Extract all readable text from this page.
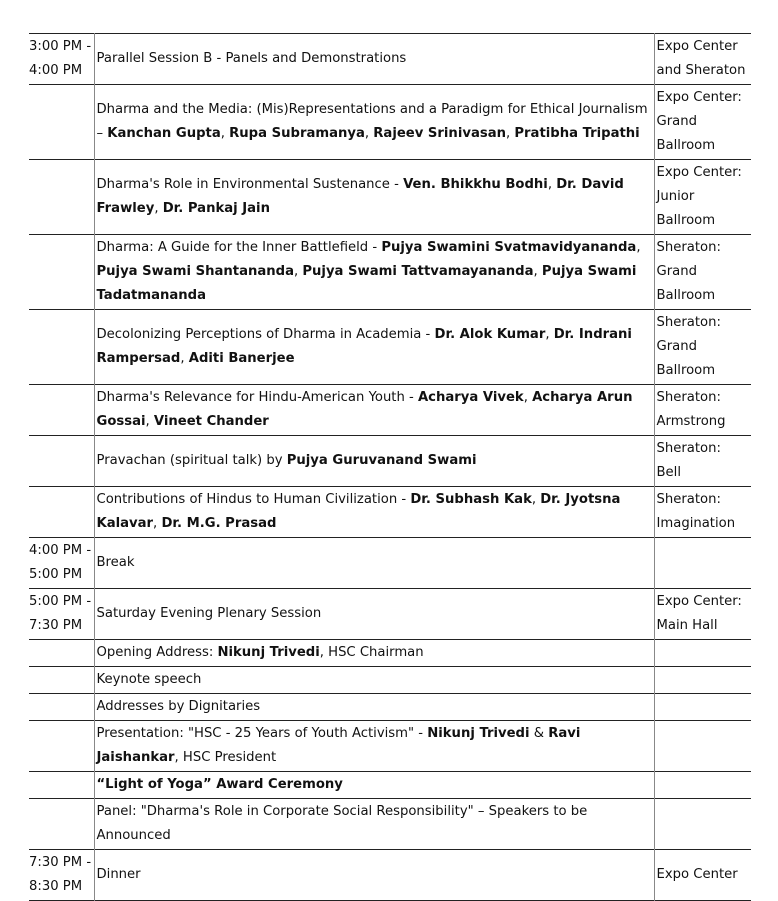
3:00 PM -
4:00 PM	Parallel Session B - Panels and Demonstrations	Expo Center
and Sheraton
	Dharma and the Media: (Mis)Representations and a Paradigm for Ethical Journalism – Kanchan Gupta, Rupa Subramanya, Rajeev Srinivasan, Pratibha Tripathi	Expo Center:
Grand Ballroom
	Dharma's Role in Environmental Sustenance - Ven. Bhikkhu Bodhi, Dr. David Frawley, Dr. Pankaj Jain	Expo Center:
Junior Ballroom
	Dharma: A Guide for the Inner Battlefield - Pujya Swamini Svatmavidyananda, Pujya Swami Shantananda, Pujya Swami Tattvamayananda, Pujya Swami Tadatmananda	Sheraton:
Grand Ballroom
	Decolonizing Perceptions of Dharma in Academia - Dr. Alok Kumar, Dr. Indrani Rampersad, Aditi Banerjee	Sheraton:
Grand Ballroom
	Dharma's Relevance for Hindu-American Youth - Acharya Vivek, Acharya Arun Gossai, Vineet Chander	Sheraton:
Armstrong
	Pravachan (spiritual talk) by Pujya Guruvanand Swami	Sheraton: Bell
	Contributions of Hindus to Human Civilization - Dr. Subhash Kak, Dr. Jyotsna Kalavar, Dr. M.G. Prasad	Sheraton:
Imagination
4:00 PM -
5:00 PM	Break	
5:00 PM -
7:30 PM	Saturday Evening Plenary Session	Expo Center:
Main Hall
	Opening Address: Nikunj Trivedi, HSC Chairman	
	Keynote speech	
	Addresses by Dignitaries	
	Presentation: "HSC - 25 Years of Youth Activism" - Nikunj Trivedi & Ravi Jaishankar, HSC President	
	“Light of Yoga” Award Ceremony	
	Panel: "Dharma's Role in Corporate Social Responsibility" – Speakers to be Announced	
7:30 PM -
8:30 PM	Dinner	Expo Center
